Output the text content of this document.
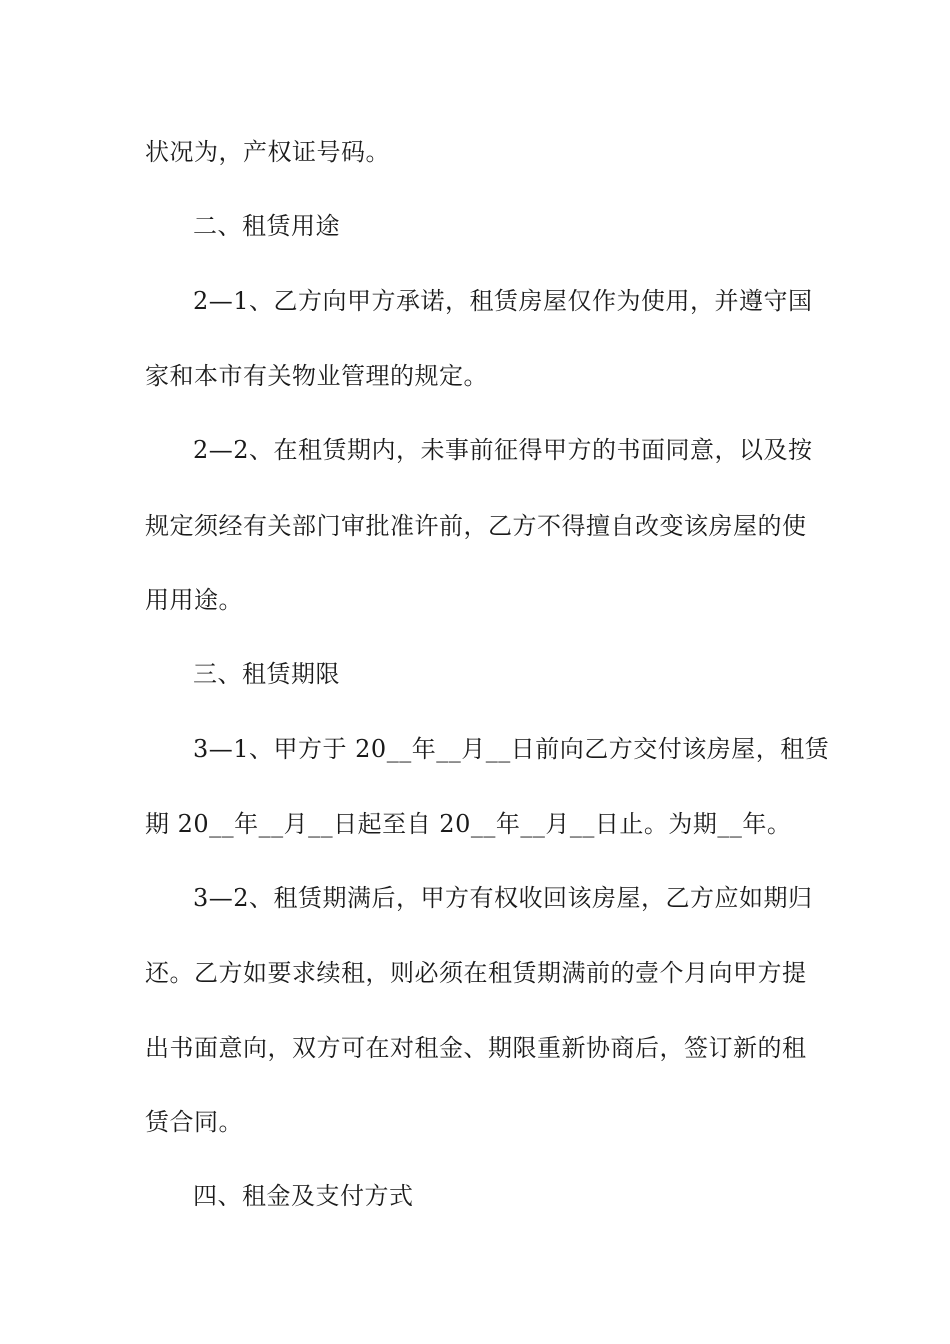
状况为，产权证号码。
二、租赁用途
2—1、乙方向甲方承诺，租赁房屋仅作为使用，并遵守国
家和本市有关物业管理的规定。
2—2、在租赁期内，未事前征得甲方的书面同意，以及按
规定须经有关部门审批准许前，乙方不得擅自改变该房屋的使
用用途。
三、租赁期限
3—1、甲方于 20__年__月__日前向乙方交付该房屋，租赁
期 20__年__月__日起至自 20__年__月__日止。为期__年。
3—2、租赁期满后，甲方有权收回该房屋，乙方应如期归
还。乙方如要求续租，则必须在租赁期满前的壹个月向甲方提
出书面意向，双方可在对租金、期限重新协商后，签订新的租
赁合同。
四、租金及支付方式
